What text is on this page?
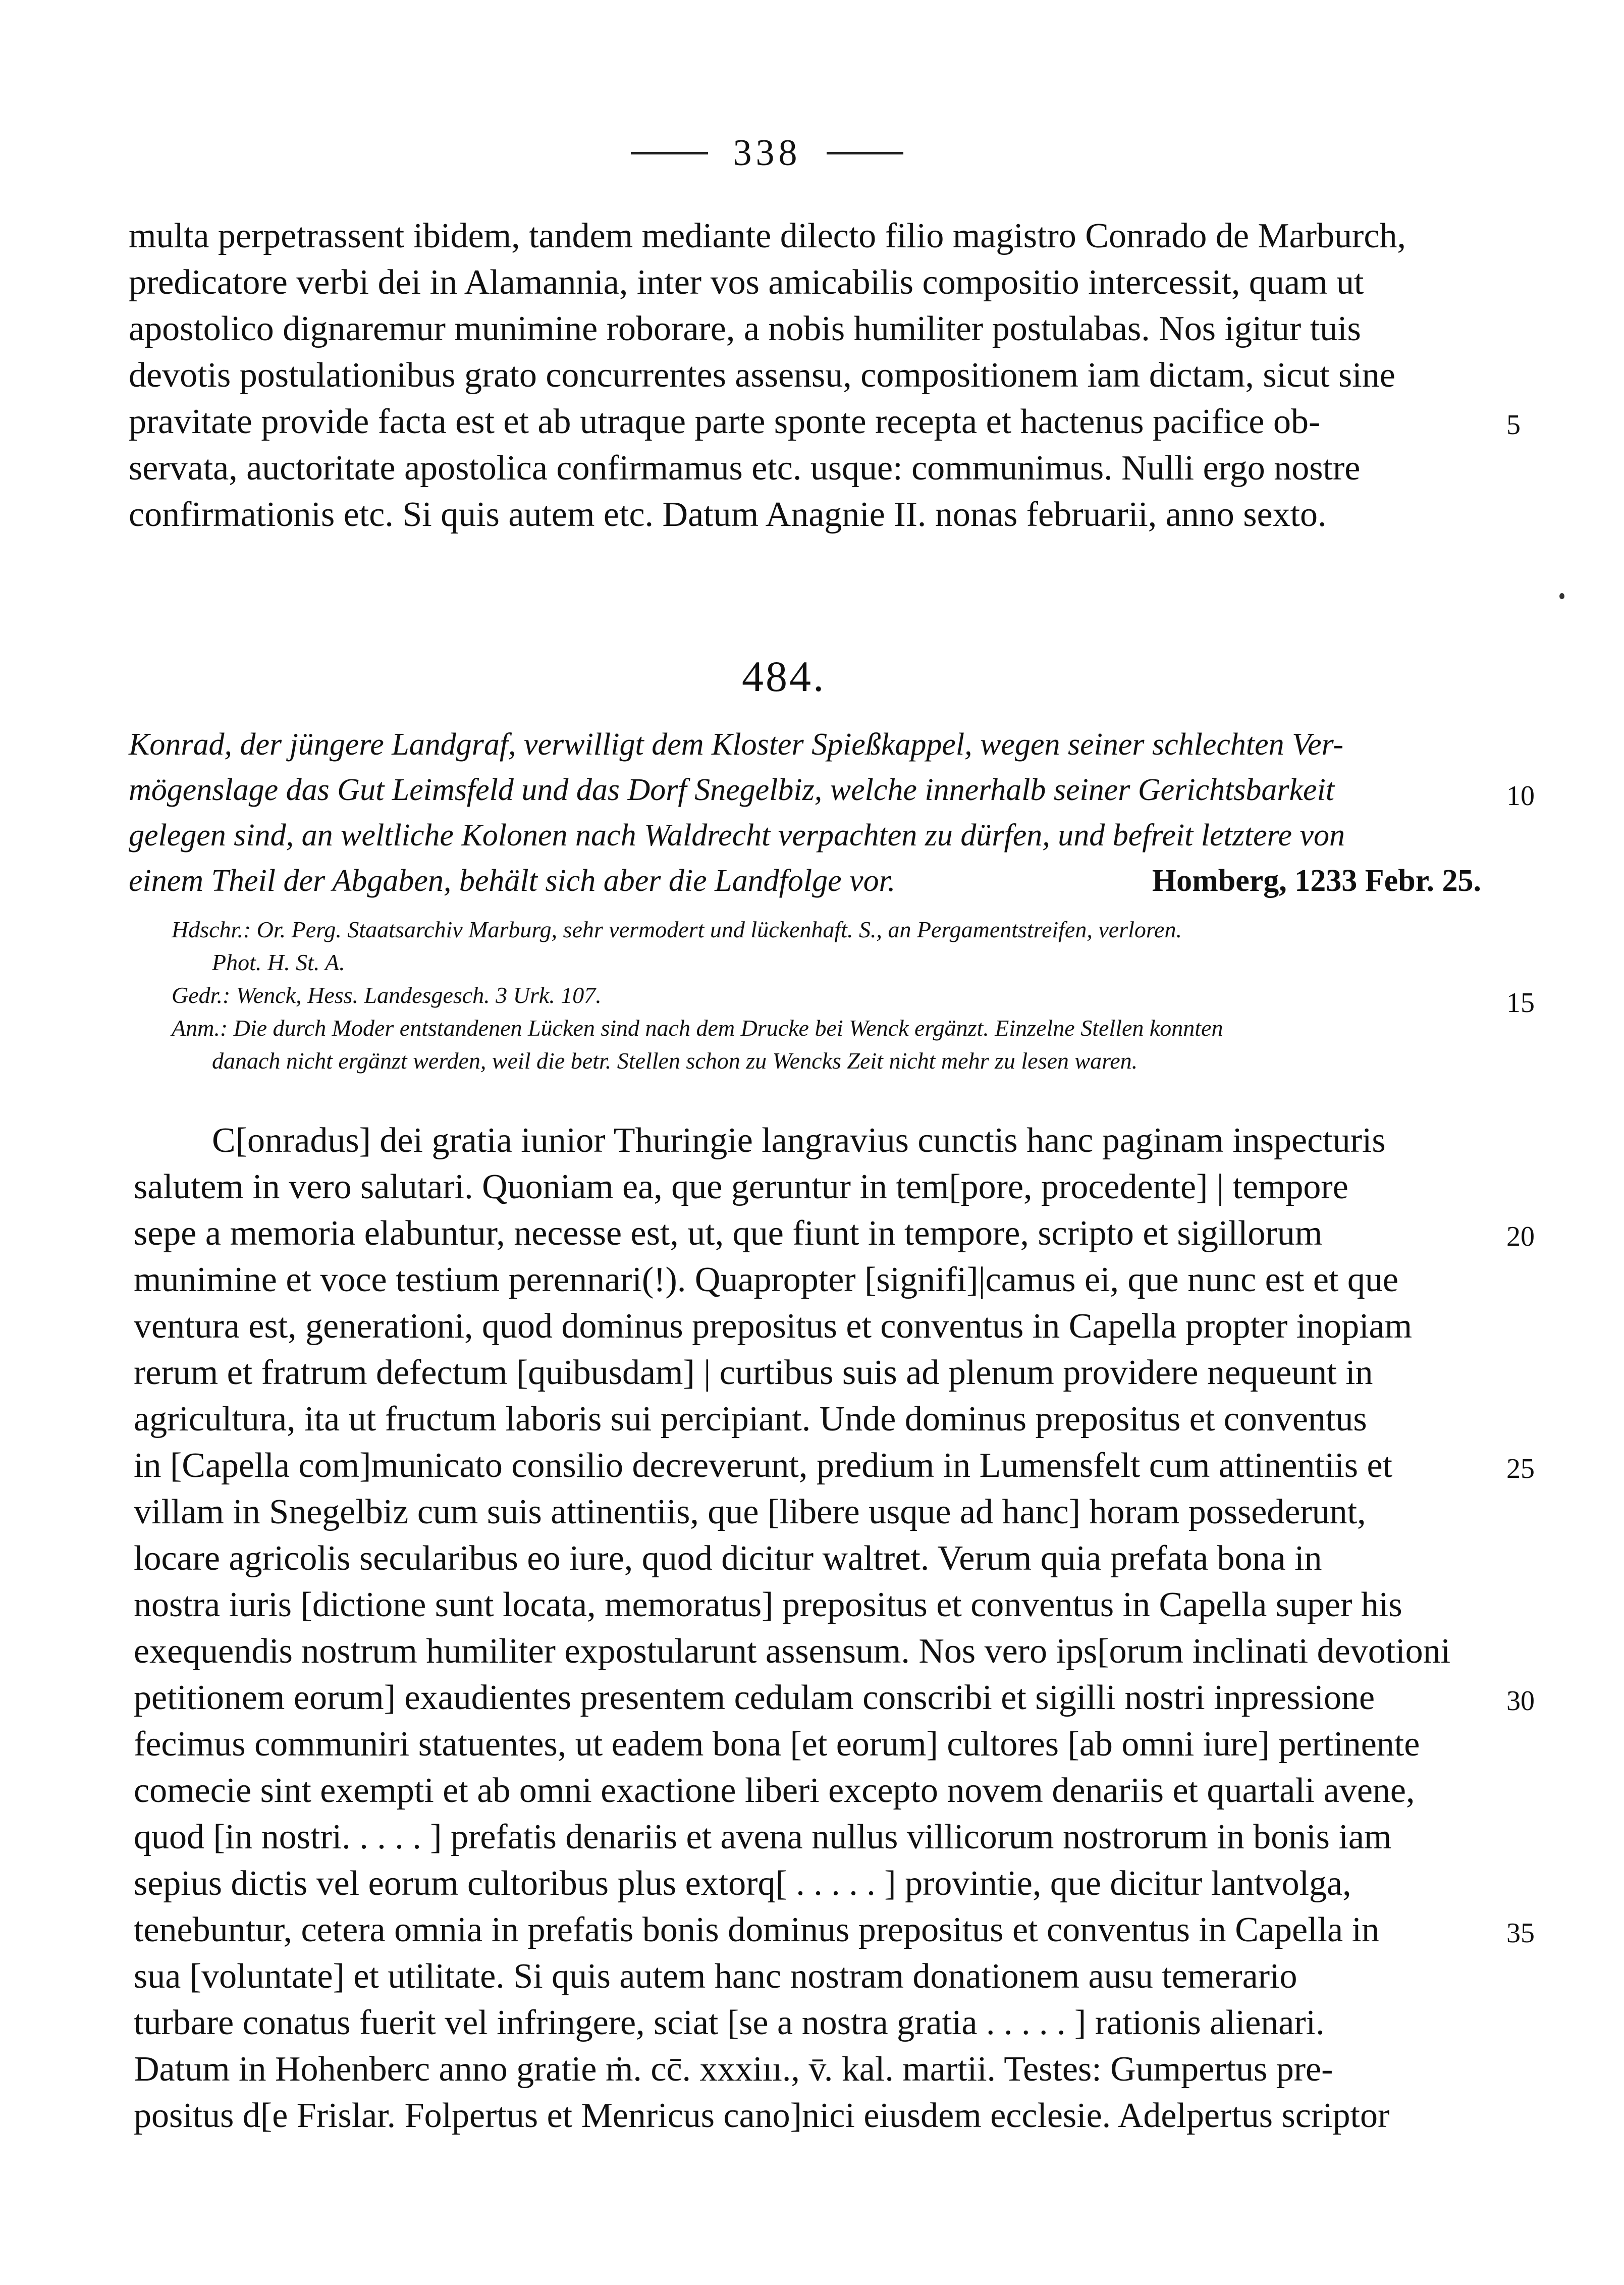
338
multa perpetrassent ibidem, tandem mediante dilecto filio magistro Conrado de Marburch,
predicatore verbi dei in Alamannia, inter vos amicabilis compositio intercessit, quam ut
apostolico dignaremur munimine roborare, a nobis humiliter postulabas. Nos igitur tuis
devotis postulationibus grato concurrentes assensu, compositionem iam dictam, sicut sine
pravitate provide facta est et ab utraque parte sponte recepta et hactenus pacifice ob-
servata, auctoritate apostolica confirmamus etc. usque: communimus. Nulli ergo nostre
confirmationis etc. Si quis autem etc. Datum Anagnie II. nonas februarii, anno sexto.
484.
Konrad, der jüngere Landgraf, verwilligt dem Kloster Spießkappel, wegen seiner schlechten Ver-
mögenslage das Gut Leimsfeld und das Dorf Snegelbiz, welche innerhalb seiner Gerichtsbarkeit
gelegen sind, an weltliche Kolonen nach Waldrecht verpachten zu dürfen, und befreit letztere von
einem Theil der Abgaben, behält sich aber die Landfolge vor.	Homberg, 1233 Febr. 25.
Hdschr.: Or. Perg. Staatsarchiv Marburg, sehr vermodert und lückenhaft. S., an Pergamentstreifen, verloren.
Phot. H. St. A.
Gedr.: Wenck, Hess. Landesgesch. 3 Urk. 107.
Anm.: Die durch Moder entstandenen Lücken sind nach dem Drucke bei Wenck ergänzt. Einzelne Stellen konnten
danach nicht ergänzt werden, weil die betr. Stellen schon zu Wencks Zeit nicht mehr zu lesen waren.
C[onradus] dei gratia iunior Thuringie langravius cunctis hanc paginam inspecturis
salutem in vero salutari. Quoniam ea, que geruntur in tem[pore, procedente] | tempore
sepe a memoria elabuntur, necesse est, ut, que fiunt in tempore, scripto et sigillorum
munimine et voce testium perennari(!). Quapropter [signifi]|camus ei, que nunc est et que
ventura est, generationi, quod dominus prepositus et conventus in Capella propter inopiam
rerum et fratrum defectum [quibusdam] | curtibus suis ad plenum providere nequeunt in
agricultura, ita ut fructum laboris sui percipiant. Unde dominus prepositus et conventus
in [Capella com]municato consilio decreverunt, predium in Lumensfelt cum attinentiis et
villam in Snegelbiz cum suis attinentiis, que [libere usque ad hanc] horam possederunt,
locare agricolis secularibus eo iure, quod dicitur waltret. Verum quia prefata bona in
nostra iuris [dictione sunt locata, memoratus] prepositus et conventus in Capella super his
exequendis nostrum humiliter expostularunt assensum. Nos vero ips[orum inclinati devotioni
petitionem eorum] exaudientes presentem cedulam conscribi et sigilli nostri inpressione
fecimus communiri statuentes, ut eadem bona [et eorum] cultores [ab omni iure] pertinente
comecie sint exempti et ab omni exactione liberi excepto novem denariis et quartali avene,
quod [in nostri. . . . . ] prefatis denariis et avena nullus villicorum nostrorum in bonis iam
sepius dictis vel eorum cultoribus plus extorq[ . . . . . ] provintie, que dicitur lantvolga,
tenebuntur, cetera omnia in prefatis bonis dominus prepositus et conventus in Capella in
sua [voluntate] et utilitate. Si quis autem hanc nostram donationem ausu temerario
turbare conatus fuerit vel infringere, sciat [se a nostra gratia . . . . . ] rationis alienari.
Datum in Hohenberc anno gratie ṁ. cc̄. xxxiıı., v̄. kal. martii. Testes: Gumpertus pre-
positus d[e Frislar. Folpertus et Menricus cano]nici eiusdem ecclesie. Adelpertus scriptor
5
10
15
20
25
30
35
